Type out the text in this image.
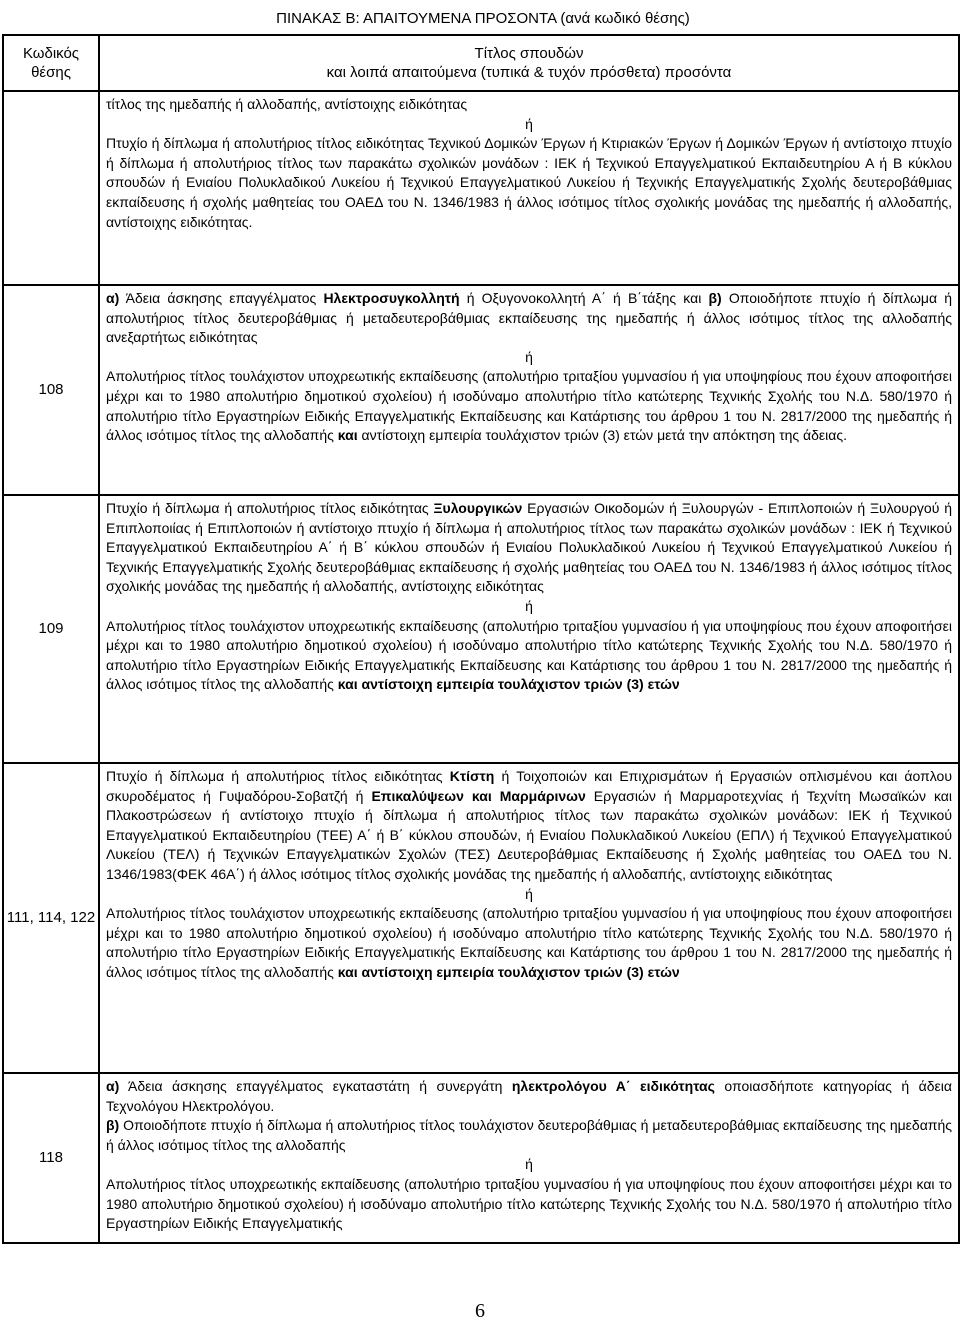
ΠΙΝΑΚΑΣ Β: ΑΠΑΙΤΟΥΜΕΝΑ ΠΡΟΣΟΝΤΑ (ανά κωδικό θέσης)
Κωδικός
θέσης	Τίτλος σπουδών
και λοιπά απαιτούμενα (τυπικά & τυχόν πρόσθετα) προσόντα

	τίτλος της ημεδαπής ή αλλοδαπής, αντίστοιχης ειδικότητας

ή

Πτυχίο ή δίπλωμα ή απολυτήριος τίτλος ειδικότητας Τεχνικού Δομικών Έργων ή Κτιριακών Έργων ή Δομικών Έργων ή αντίστοιχο πτυχίο ή δίπλωμα ή απολυτήριος τίτλος των παρακάτω σχολικών μονάδων : ΙΕΚ ή Τεχνικού Επαγγελματικού Εκπαιδευτηρίου Α ή Β κύκλου σπουδών ή Ενιαίου Πολυκλαδικού Λυκείου ή Τεχνικού Επαγγελματικού Λυκείου ή Τεχνικής Επαγγελματικής Σχολής δευτεροβάθμιας εκπαίδευσης ή σχολής μαθητείας του ΟΑΕΔ του Ν. 1346/1983 ή άλλος ισότιμος τίτλος σχολικής μονάδας της ημεδαπής ή αλλοδαπής, αντίστοιχης ειδικότητας.

108	α) Άδεια άσκησης επαγγέλματος Ηλεκτροσυγκολλητή ή Οξυγονοκολλητή Α΄ ή Β΄τάξης και β) Οποιοδήποτε πτυχίο ή δίπλωμα ή απολυτήριος τίτλος δευτεροβάθμιας ή μεταδευτεροβάθμιας εκπαίδευσης της ημεδαπής ή άλλος ισότιμος τίτλος της αλλοδαπής ανεξαρτήτως ειδικότητας

ή

Απολυτήριος τίτλος τουλάχιστον υποχρεωτικής εκπαίδευσης (απολυτήριο τριταξίου γυμνασίου ή για υποψηφίους που έχουν αποφοιτήσει μέχρι και το 1980 απολυτήριο δημοτικού σχολείου) ή ισοδύναμο απολυτήριο τίτλο κατώτερης Τεχνικής Σχολής του Ν.Δ. 580/1970 ή απολυτήριο τίτλο Εργαστηρίων Ειδικής Επαγγελματικής Εκπαίδευσης και Κατάρτισης του άρθρου 1 του Ν. 2817/2000 της ημεδαπής ή άλλος ισότιμος τίτλος της αλλοδαπής και αντίστοιχη εμπειρία τουλάχιστον τριών (3) ετών μετά την απόκτηση της άδειας.

109	Πτυχίο ή δίπλωμα ή απολυτήριος τίτλος ειδικότητας Ξυλουργικών Εργασιών Οικοδομών ή Ξυλουργών - Επιπλοποιών ή Ξυλουργού ή Επιπλοποιίας ή Επιπλοποιών ή αντίστοιχο πτυχίο ή δίπλωμα ή απολυτήριος τίτλος των παρακάτω σχολικών μονάδων : ΙΕΚ ή Τεχνικού Επαγγελματικού Εκπαιδευτηρίου Α΄ ή Β΄ κύκλου σπουδών ή Ενιαίου Πολυκλαδικού Λυκείου ή Τεχνικού Επαγγελματικού Λυκείου ή Τεχνικής Επαγγελματικής Σχολής δευτεροβάθμιας εκπαίδευσης ή σχολής μαθητείας του ΟΑΕΔ του Ν. 1346/1983 ή άλλος ισότιμος τίτλος σχολικής μονάδας της ημεδαπής ή αλλοδαπής, αντίστοιχης ειδικότητας

ή

Απολυτήριος τίτλος τουλάχιστον υποχρεωτικής εκπαίδευσης (απολυτήριο τριταξίου γυμνασίου ή για υποψηφίους που έχουν αποφοιτήσει μέχρι και το 1980 απολυτήριο δημοτικού σχολείου) ή ισοδύναμο απολυτήριο τίτλο κατώτερης Τεχνικής Σχολής του Ν.Δ. 580/1970 ή απολυτήριο τίτλο Εργαστηρίων Ειδικής Επαγγελματικής Εκπαίδευσης και Κατάρτισης του άρθρου 1 του Ν. 2817/2000 της ημεδαπής ή άλλος ισότιμος τίτλος της αλλοδαπής και αντίστοιχη εμπειρία τουλάχιστον τριών (3) ετών

111, 114, 122	Πτυχίο ή δίπλωμα ή απολυτήριος τίτλος ειδικότητας Κτίστη ή Τοιχοποιών και Επιχρισμάτων ή Εργασιών οπλισμένου και άοπλου σκυροδέματος ή Γυψαδόρου-Σοβατζή ή Επικαλύψεων και Μαρμάρινων Εργασιών ή Μαρμαροτεχνίας ή Τεχνίτη Μωσαϊκών και Πλακοστρώσεων ή αντίστοιχο πτυχίο ή δίπλωμα ή απολυτήριος τίτλος των παρακάτω σχολικών μονάδων: ΙΕΚ ή Τεχνικού Επαγγελματικού Εκπαιδευτηρίου (ΤΕΕ) Α΄ ή Β΄ κύκλου σπουδών, ή Ενιαίου Πολυκλαδικού Λυκείου (ΕΠΛ) ή Τεχνικού Επαγγελματικού Λυκείου (ΤΕΛ) ή Τεχνικών Επαγγελματικών Σχολών (ΤΕΣ) Δευτεροβάθμιας Εκπαίδευσης ή Σχολής μαθητείας του ΟΑΕΔ του Ν. 1346/1983(ΦΕΚ 46Α΄) ή άλλος ισότιμος τίτλος σχολικής μονάδας της ημεδαπής ή αλλοδαπής, αντίστοιχης ειδικότητας

ή

Απολυτήριος τίτλος τουλάχιστον υποχρεωτικής εκπαίδευσης (απολυτήριο τριταξίου γυμνασίου ή για υποψηφίους που έχουν αποφοιτήσει μέχρι και το 1980 απολυτήριο δημοτικού σχολείου) ή ισοδύναμο απολυτήριο τίτλο κατώτερης Τεχνικής Σχολής του Ν.Δ. 580/1970 ή απολυτήριο τίτλο Εργαστηρίων Ειδικής Επαγγελματικής Εκπαίδευσης και Κατάρτισης του άρθρου 1 του Ν. 2817/2000 της ημεδαπής ή άλλος ισότιμος τίτλος της αλλοδαπής και αντίστοιχη εμπειρία τουλάχιστον τριών (3) ετών

118	α) Άδεια άσκησης επαγγέλματος εγκαταστάτη ή συνεργάτη ηλεκτρολόγου Α΄ ειδικότητας οποιασδήποτε κατηγορίας ή άδεια Τεχνολόγου Ηλεκτρολόγου.

β) Οποιοδήποτε πτυχίο ή δίπλωμα ή απολυτήριος τίτλος τουλάχιστον δευτεροβάθμιας ή μεταδευτεροβάθμιας εκπαίδευσης της ημεδαπής ή άλλος ισότιμος τίτλος της αλλοδαπής

ή

Απολυτήριος τίτλος υποχρεωτικής εκπαίδευσης (απολυτήριο τριταξίου γυμνασίου ή για υποψηφίους που έχουν αποφοιτήσει μέχρι και το 1980 απολυτήριο δημοτικού σχολείου) ή ισοδύναμο απολυτήριο τίτλο κατώτερης Τεχνικής Σχολής του Ν.Δ. 580/1970 ή απολυτήριο τίτλο Εργαστηρίων Ειδικής Επαγγελματικής

6
